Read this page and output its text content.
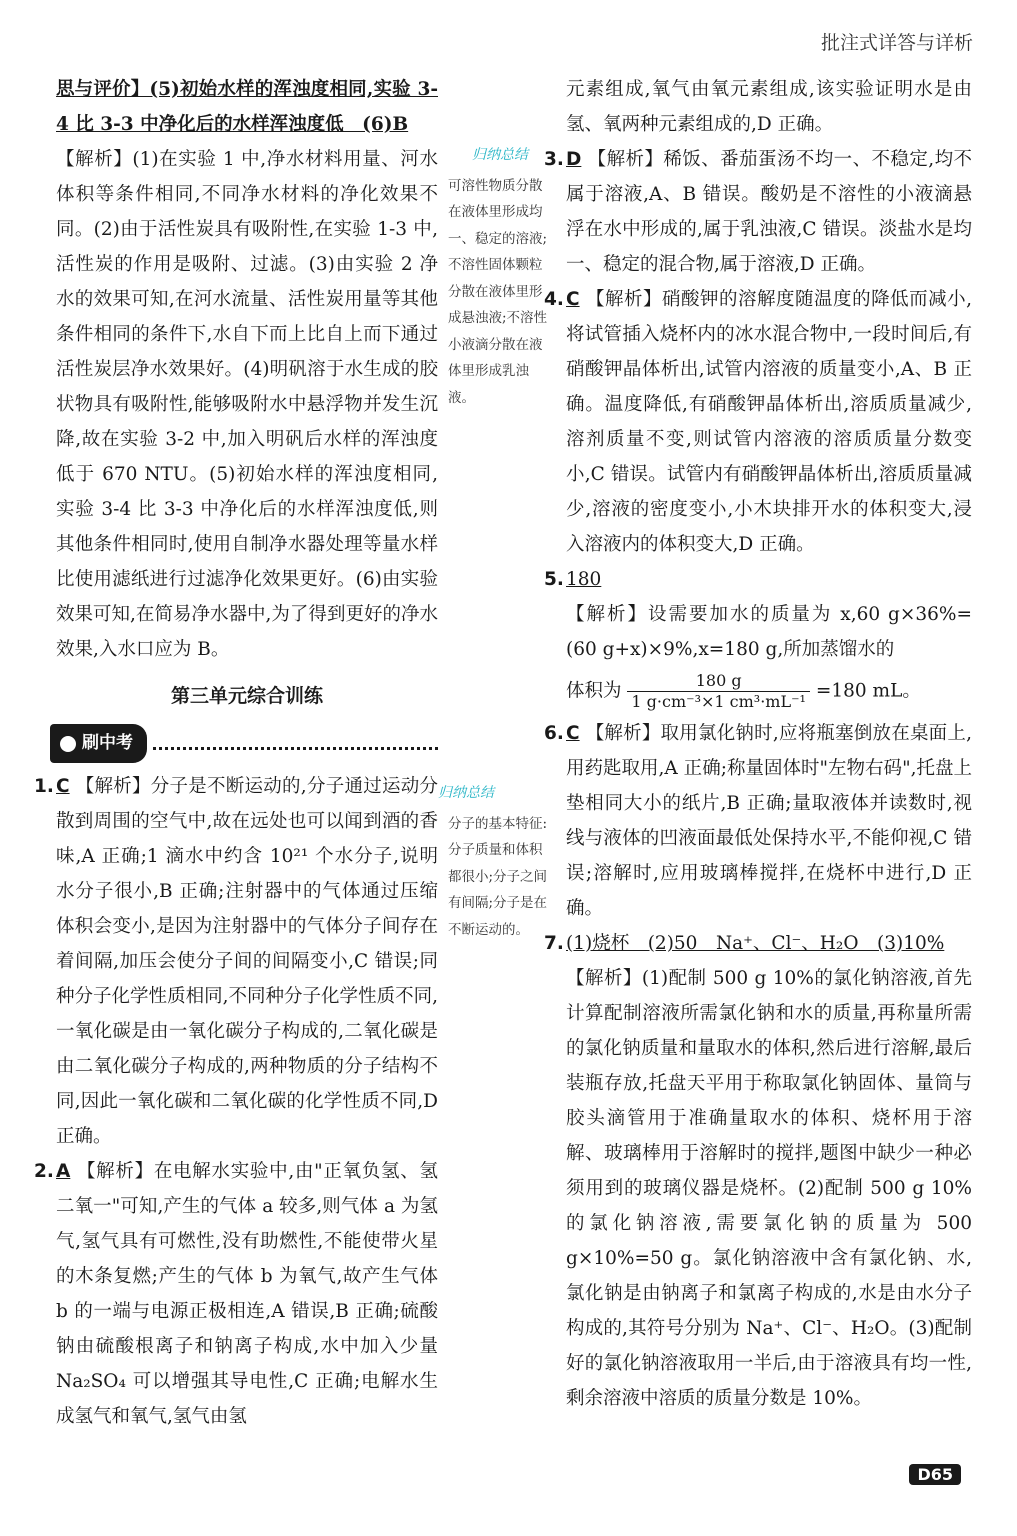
批注式详答与详析

思与评价】(5)初始水样的浑浊度相同,实验 3-4 比 3-3 中净化后的水样浑浊度低　(6)B

【解析】(1)在实验 1 中,净水材料用量、河水体积等条件相同,不同净水材料的净化效果不同。(2)由于活性炭具有吸附性,在实验 1-3 中,活性炭的作用是吸附、过滤。(3)由实验 2 净水的效果可知,在河水流量、活性炭用量等其他条件相同的条件下,水自下而上比自上而下通过活性炭层净水效果好。(4)明矾溶于水生成的胶状物具有吸附性,能够吸附水中悬浮物并发生沉降,故在实验 3-2 中,加入明矾后水样的浑浊度低于 670 NTU。(5)初始水样的浑浊度相同,实验 3-4 比 3-3 中净化后的水样浑浊度低,则其他条件相同时,使用自制净水器处理等量水样比使用滤纸进行过滤净化效果更好。(6)由实验效果可知,在简易净水器中,为了得到更好的净水效果,入水口应为 B。

第三单元综合训练
刷中考

1. C 【解析】分子是不断运动的,分子通过运动分散到周围的空气中,故在远处也可以闻到酒的香味,A 正确;1 滴水中约含 10²¹ 个水分子,说明水分子很小,B 正确;注射器中的气体通过压缩体积会变小,是因为注射器中的气体分子间存在着间隔,加压会使分子间的间隔变小,C 错误;同种分子化学性质相同,不同种分子化学性质不同,一氧化碳是由一氧化碳分子构成的,二氧化碳是由二氧化碳分子构成的,两种物质的分子结构不同,因此一氧化碳和二氧化碳的化学性质不同,D 正确。

2. A 【解析】在电解水实验中,由"正氧负氢、氢二氧一"可知,产生的气体 a 较多,则气体 a 为氢气,氢气具有可燃性,没有助燃性,不能使带火星的木条复燃;产生的气体 b 为氧气,故产生气体 b 的一端与电源正极相连,A 错误,B 正确;硫酸钠由硫酸根离子和钠离子构成,水中加入少量 Na₂SO₄ 可以增强其导电性,C 正确;电解水生成氢气和氧气,氢气由氢

归纳总结
可溶性物质分散在液体里形成均一、稳定的溶液;不溶性固体颗粒分散在液体里形成悬浊液;不溶性小液滴分散在液体里形成乳浊液。
归纳总结
分子的基本特征:分子质量和体积都很小;分子之间有间隔;分子是在不断运动的。

元素组成,氧气由氧元素组成,该实验证明水是由氢、氧两种元素组成的,D 正确。

3. D 【解析】稀饭、番茄蛋汤不均一、不稳定,均不属于溶液,A、B 错误。酸奶是不溶性的小液滴悬浮在水中形成的,属于乳浊液,C 错误。淡盐水是均一、稳定的混合物,属于溶液,D 正确。

4. C 【解析】硝酸钾的溶解度随温度的降低而减小,将试管插入烧杯内的冰水混合物中,一段时间后,有硝酸钾晶体析出,试管内溶液的质量变小,A、B 正确。温度降低,有硝酸钾晶体析出,溶质质量减少,溶剂质量不变,则试管内溶液的溶质质量分数变小,C 错误。试管内有硝酸钾晶体析出,溶质质量减少,溶液的密度变小,小木块排开水的体积变大,浸入溶液内的体积变大,D 正确。

5. 180

【解析】设需要加水的质量为 x,60 g×36%=(60 g+x)×9%,x=180 g,所加蒸馏水的

体积为 $\frac{180 g}{\text{1 g·cm⁻³×1 cm³·mL⁻¹}} =180$ mL。

6. C 【解析】取用氯化钠时,应将瓶塞倒放在桌面上,用药匙取用,A 正确;称量固体时"左物右码",托盘上垫相同大小的纸片,B 正确;量取液体并读数时,视线与液体的凹液面最低处保持水平,不能仰视,C 错误;溶解时,应用玻璃棒搅拌,在烧杯中进行,D 正确。

7. (1)烧杯　(2)50　Na⁺、Cl⁻、H₂O　(3)10%

【解析】(1)配制 500 g 10%的氯化钠溶液,首先计算配制溶液所需氯化钠和水的质量,再称量所需的氯化钠质量和量取水的体积,然后进行溶解,最后装瓶存放,托盘天平用于称取氯化钠固体、量筒与胶头滴管用于准确量取水的体积、烧杯用于溶解、玻璃棒用于溶解时的搅拌,题图中缺少一种必须用到的玻璃仪器是烧杯。(2)配制 500 g 10%的氯化钠溶液,需要氯化钠的质量为 500 g×10%=50 g。氯化钠溶液中含有氯化钠、水,氯化钠是由钠离子和氯离子构成的,水是由水分子构成的,其符号分别为 Na⁺、Cl⁻、H₂O。(3)配制好的氯化钠溶液取用一半后,由于溶液具有均一性,剩余溶液中溶质的质量分数是 10%。

D65
